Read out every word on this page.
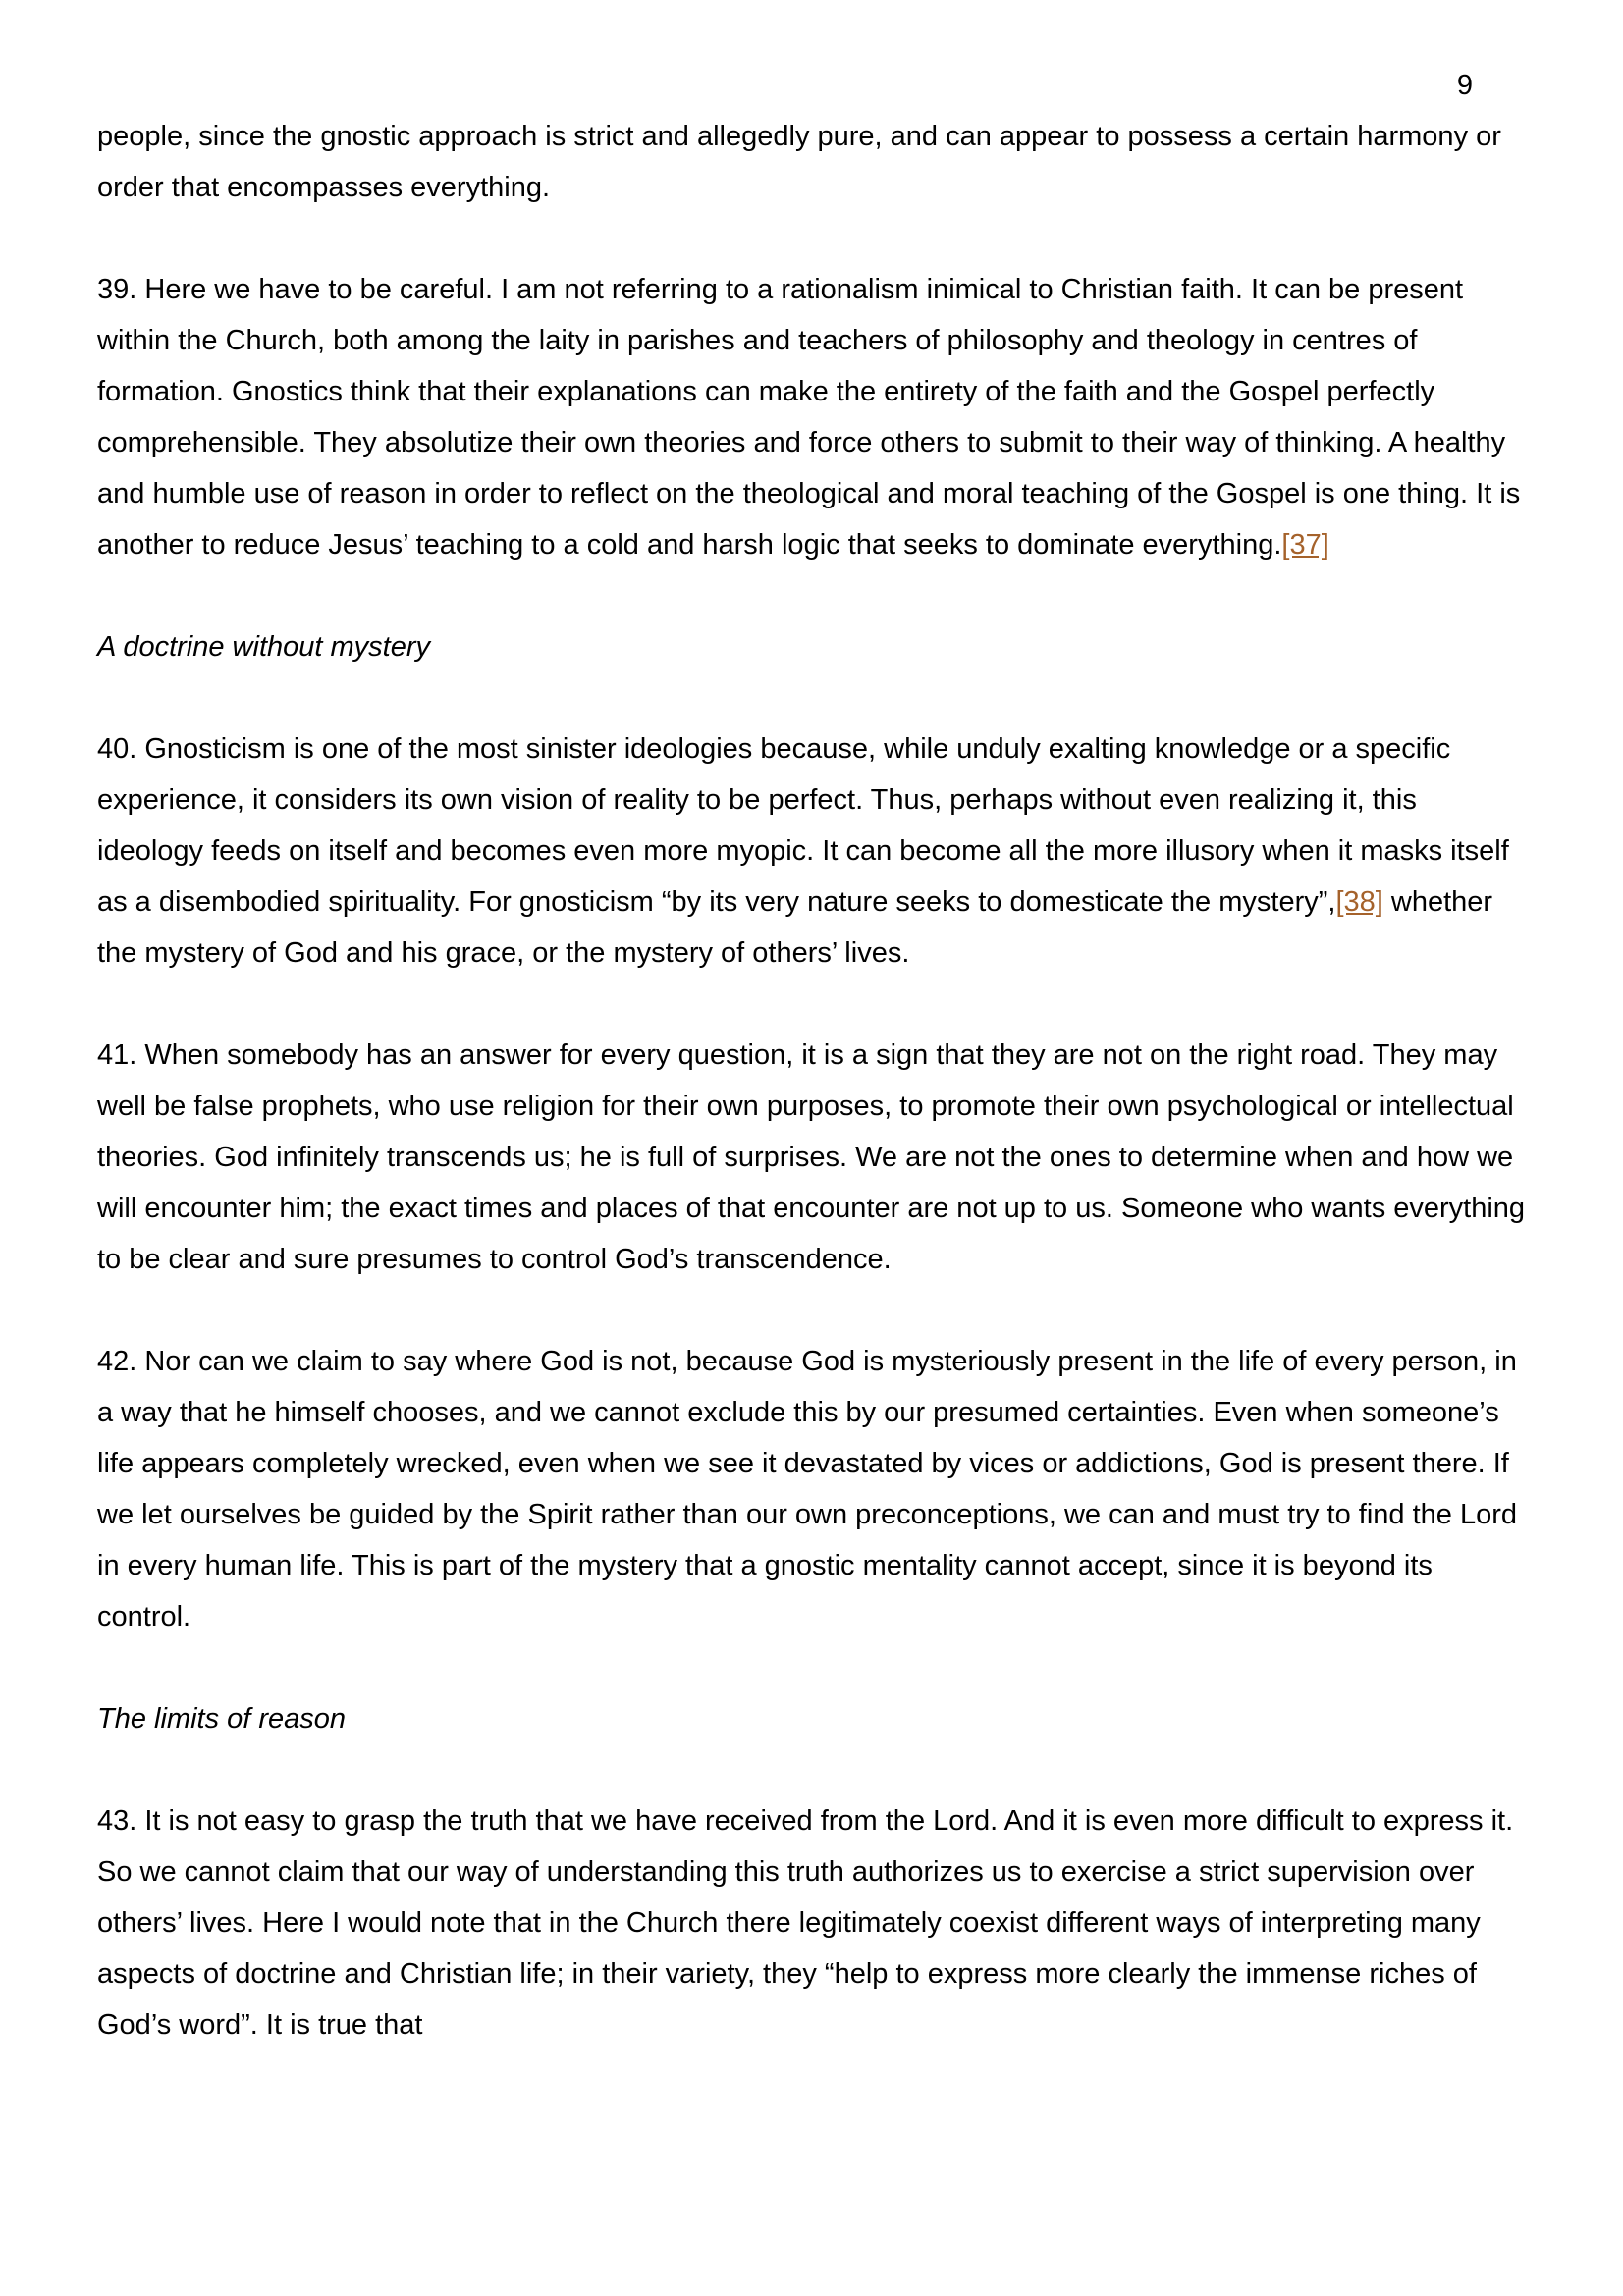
9

people, since the gnostic approach is strict and allegedly pure, and can appear to possess a certain harmony or order that encompasses everything.

39. Here we have to be careful. I am not referring to a rationalism inimical to Christian faith. It can be present within the Church, both among the laity in parishes and teachers of philosophy and theology in centres of formation. Gnostics think that their explanations can make the entirety of the faith and the Gospel perfectly comprehensible. They absolutize their own theories and force others to submit to their way of thinking. A healthy and humble use of reason in order to reflect on the theological and moral teaching of the Gospel is one thing. It is another to reduce Jesus’ teaching to a cold and harsh logic that seeks to dominate everything.[37]

A doctrine without mystery

40. Gnosticism is one of the most sinister ideologies because, while unduly exalting knowledge or a specific experience, it considers its own vision of reality to be perfect. Thus, perhaps without even realizing it, this ideology feeds on itself and becomes even more myopic. It can become all the more illusory when it masks itself as a disembodied spirituality. For gnosticism “by its very nature seeks to domesticate the mystery”,[38] whether the mystery of God and his grace, or the mystery of others’ lives.

41. When somebody has an answer for every question, it is a sign that they are not on the right road. They may well be false prophets, who use religion for their own purposes, to promote their own psychological or intellectual theories. God infinitely transcends us; he is full of surprises. We are not the ones to determine when and how we will encounter him; the exact times and places of that encounter are not up to us. Someone who wants everything to be clear and sure presumes to control God’s transcendence.

42. Nor can we claim to say where God is not, because God is mysteriously present in the life of every person, in a way that he himself chooses, and we cannot exclude this by our presumed certainties. Even when someone’s life appears completely wrecked, even when we see it devastated by vices or addictions, God is present there. If we let ourselves be guided by the Spirit rather than our own preconceptions, we can and must try to find the Lord in every human life. This is part of the mystery that a gnostic mentality cannot accept, since it is beyond its control.

The limits of reason

43. It is not easy to grasp the truth that we have received from the Lord. And it is even more difficult to express it. So we cannot claim that our way of understanding this truth authorizes us to exercise a strict supervision over others’ lives. Here I would note that in the Church there legitimately coexist different ways of interpreting many aspects of doctrine and Christian life; in their variety, they “help to express more clearly the immense riches of God’s word”. It is true that
